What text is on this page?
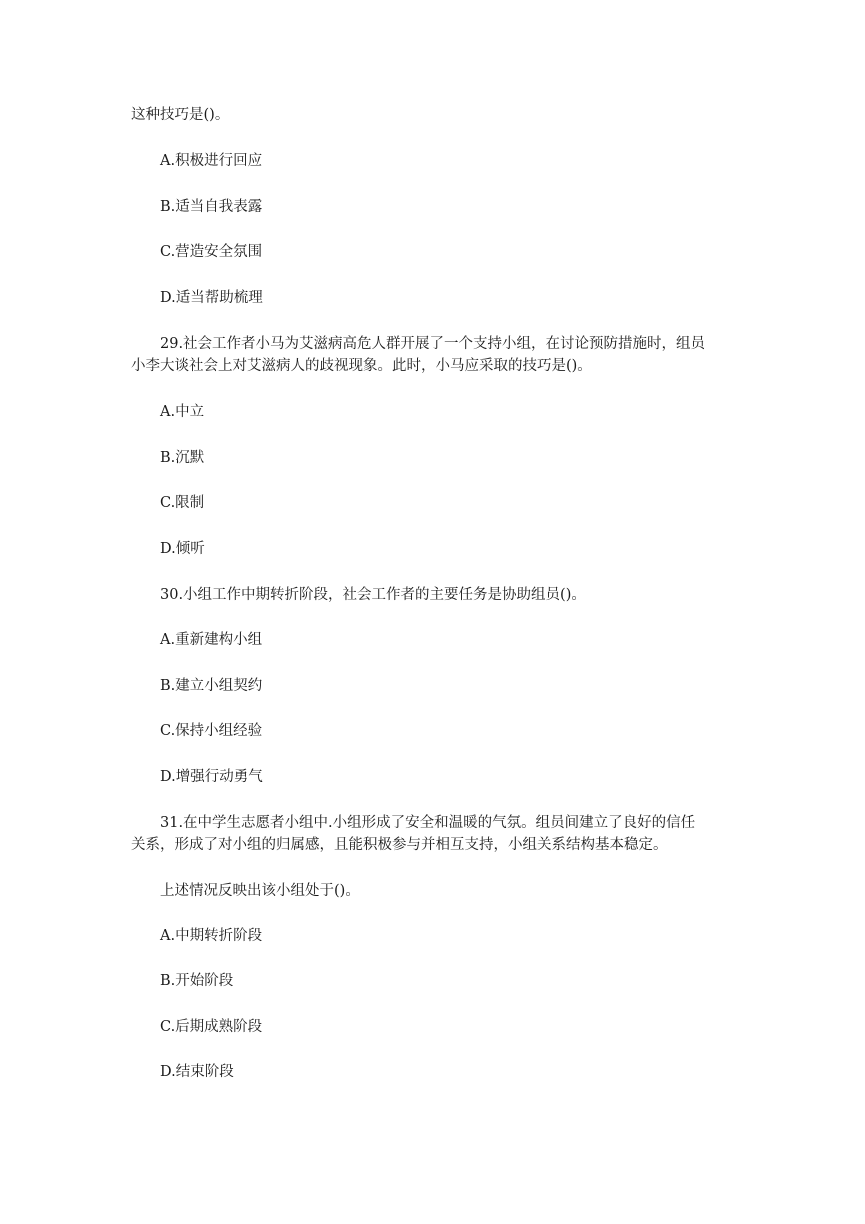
这种技巧是()。
A.积极进行回应
B.适当自我表露
C.营造安全氛围
D.适当帮助梳理
29.社会工作者小马为艾滋病高危人群开展了一个支持小组，在讨论预防措施时，组员
小李大谈社会上对艾滋病人的歧视现象。此时，小马应采取的技巧是()。
A.中立
B.沉默
C.限制
D.倾听
30.小组工作中期转折阶段，社会工作者的主要任务是协助组员()。
A.重新建构小组
B.建立小组契约
C.保持小组经验
D.增强行动勇气
31.在中学生志愿者小组中.小组形成了安全和温暖的气氛。组员间建立了良好的信任
关系，形成了对小组的归属感，且能积极参与并相互支持，小组关系结构基本稳定。
上述情况反映出该小组处于()。
A.中期转折阶段
B.开始阶段
C.后期成熟阶段
D.结束阶段
